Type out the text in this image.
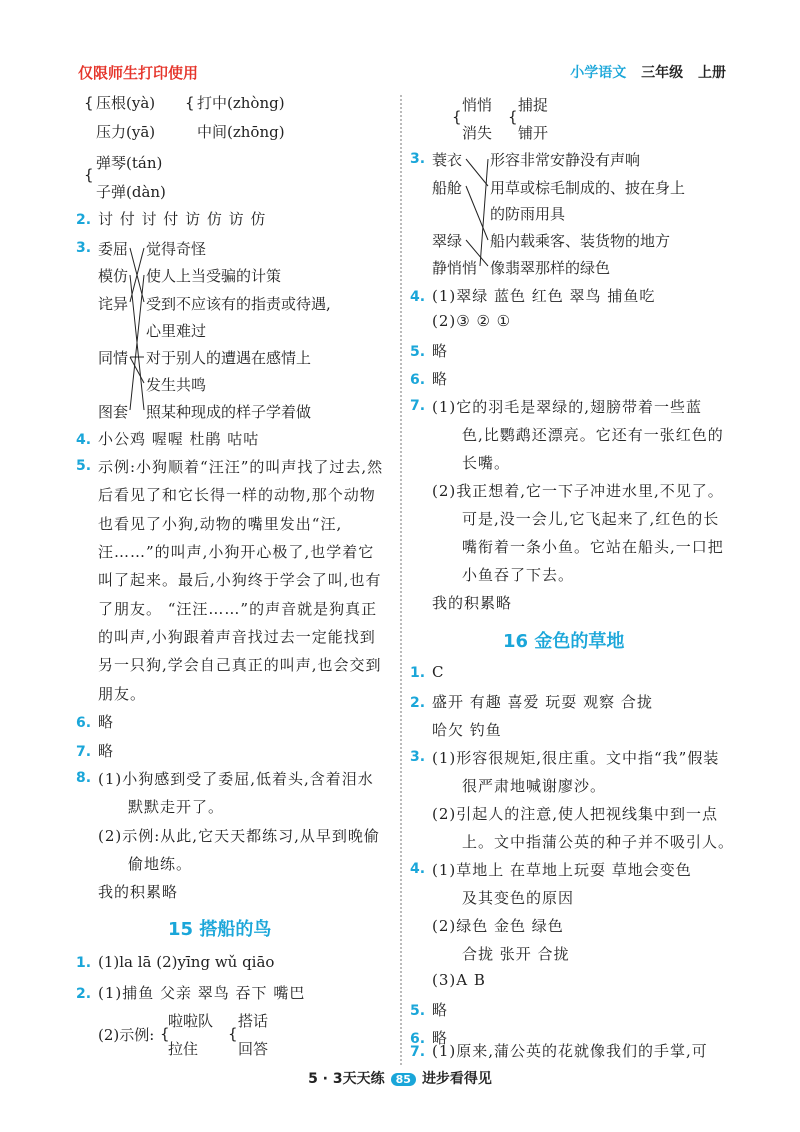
仅限师生打印使用	小学语文 三年级 上册
{ 压根(yà) { 打中(zhòng)
压力(yā)	中间(zhōng)
{
弹琴(tán)
子弹(dàn)
2. 讨 付 讨 付 访 仿 访 仿
3. 委屈
模仿
诧异
同情
图套
觉得奇怪
使人上当受骗的计策
受到不应该有的指责或待遇,
心里难过
对于别人的遭遇在感情上
发生共鸣
照某种现成的样子学着做
4. 小公鸡 喔喔 杜鹃 咕咕
5. 示例:小狗顺着“汪汪”的叫声找了过去,然
后看见了和它长得一样的动物,那个动物
也看见了小狗,动物的嘴里发出“汪,
汪……”的叫声,小狗开心极了,也学着它
叫了起来。最后,小狗终于学会了叫,也有
了朋友。 “汪汪……”的声音就是狗真正
的叫声,小狗跟着声音找过去一定能找到
另一只狗,学会自己真正的叫声,也会交到
朋友。
6. 略
7. 略
8. (1)小狗感到受了委屈,低着头,含着泪水
默默走开了。
(2)示例:从此,它天天都练习,从早到晚偷
偷地练。
我的积累略
15 搭船的鸟
1. (1)la lā (2)yīng wǔ qiāo
2. (1)捕鱼 父亲 翠鸟 吞下 嘴巴
(2)示例: {
啦啦队
拉住
{
搭话
回答
{
悄悄
消失
{
捕捉
铺开
3. 蓑衣
船舱
翠绿
静悄悄
形容非常安静没有声响
用草或棕毛制成的、披在身上
的防雨用具
船内载乘客、装货物的地方
像翡翠那样的绿色
4. (1)翠绿 蓝色 红色 翠鸟 捕鱼吃
(2)③ ② ①
5. 略
6. 略
7. (1)它的羽毛是翠绿的,翅膀带着一些蓝
色,比鹦鹉还漂亮。它还有一张红色的
长嘴。
(2)我正想着,它一下子冲进水里,不见了。
可是,没一会儿,它飞起来了,红色的长
嘴衔着一条小鱼。它站在船头,一口把
小鱼吞了下去。
我的积累略
16 金色的草地
1. C
2. 盛开 有趣 喜爱 玩耍 观察 合拢
哈欠 钓鱼
3. (1)形容很规矩,很庄重。文中指“我”假装
很严肃地喊谢廖沙。
(2)引起人的注意,使人把视线集中到一点
上。文中指蒲公英的种子并不吸引人。
4. (1)草地上 在草地上玩耍 草地会变色
及其变色的原因
(2)绿色 金色 绿色
合拢 张开 合拢
(3)A B
5. 略
6. 略
7. (1)原来,蒲公英的花就像我们的手掌,可
5 · 3天天练 85 进步看得见
